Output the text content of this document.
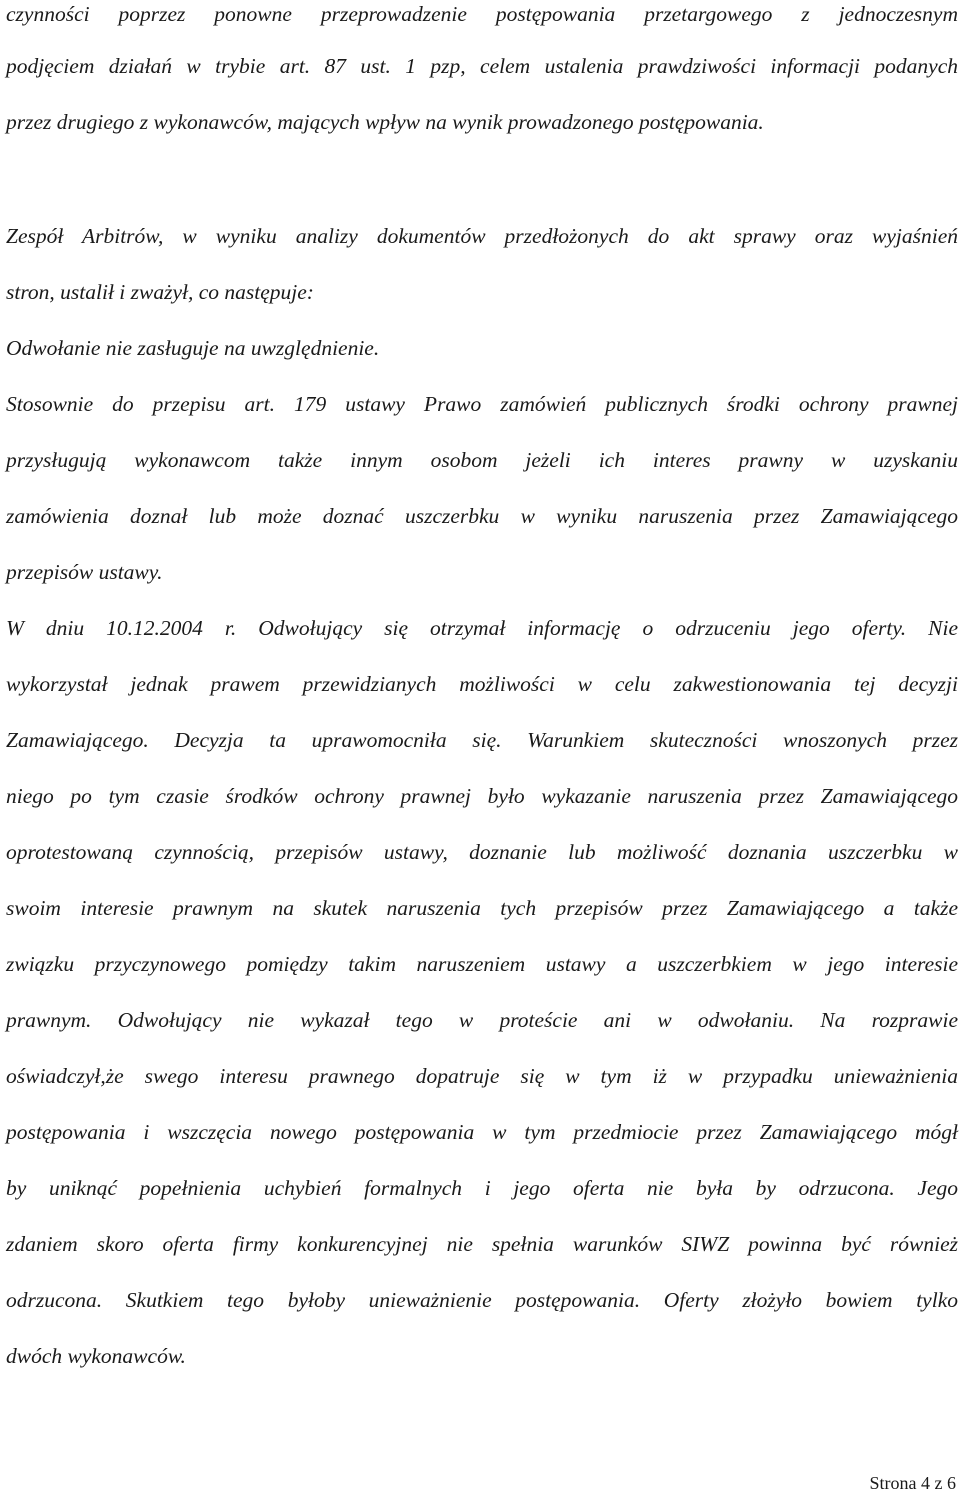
czynności poprzez ponowne przeprowadzenie postępowania przetargowego z jednoczesnym
podjęciem działań w trybie art. 87 ust. 1 pzp, celem ustalenia prawdziwości informacji podanych
przez drugiego z wykonawców, mających wpływ na wynik prowadzonego postępowania.
Zespół Arbitrów, w wyniku analizy dokumentów przedłożonych do akt sprawy oraz wyjaśnień
stron, ustalił i zważył, co następuje:
Odwołanie nie zasługuje na uwzględnienie.
Stosownie do przepisu art. 179 ustawy Prawo zamówień publicznych środki ochrony prawnej
przysługują wykonawcom także innym osobom jeżeli ich interes prawny w uzyskaniu
zamówienia doznał lub może doznać uszczerbku w wyniku naruszenia przez Zamawiającego
przepisów ustawy.
W dniu 10.12.2004 r. Odwołujący się otrzymał informację o odrzuceniu jego oferty. Nie
wykorzystał jednak prawem przewidzianych możliwości w celu zakwestionowania tej decyzji
Zamawiającego. Decyzja ta uprawomocniła się. Warunkiem skuteczności wnoszonych przez
niego po tym czasie środków ochrony prawnej było wykazanie naruszenia przez Zamawiającego
oprotestowaną czynnością, przepisów ustawy, doznanie lub możliwość doznania uszczerbku w
swoim interesie prawnym na skutek naruszenia tych przepisów przez Zamawiającego a także
związku przyczynowego pomiędzy takim naruszeniem ustawy a uszczerbkiem w jego interesie
prawnym. Odwołujący nie wykazał tego w proteście ani w odwołaniu. Na rozprawie
oświadczył,że swego interesu prawnego dopatruje się w tym iż w przypadku unieważnienia
postępowania i wszczęcia nowego postępowania w tym przedmiocie przez Zamawiającego mógł
by uniknąć popełnienia uchybień formalnych i jego oferta nie była by odrzucona. Jego
zdaniem skoro oferta firmy konkurencyjnej nie spełnia warunków SIWZ powinna być również
odrzucona. Skutkiem tego byłoby unieważnienie postępowania. Oferty złożyło bowiem tylko
dwóch wykonawców.
Strona 4 z 6
